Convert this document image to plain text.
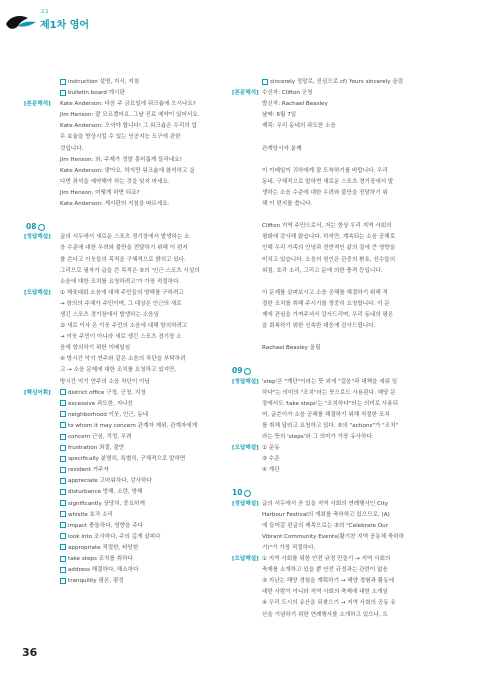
고1
제1차 영어
instruction 설명, 지시, 지침
bulletin board 게시판
[본문해석] Kate Anderson: 다음 주 금요일에 워크숍에 오시나요?
Jim Henson: 잘 모르겠어요. 그날 진료 예약이 있어서요.
Kate Anderson: 오셔야 합니다! 그 워크숍은 우리의 업
무 효율을 향상시킬 수 있는 인공지능 도구에 관한
것입니다.
Jim Henson: 와, 주제가 정말 흥미롭게 들리네요!
Kate Anderson: 맞아요. 하지만 워크숍에 참석하고 싶
다면 좌석을 예약해야 하는 것을 잊지 마세요.
Jim Henson: 어떻게 하면 되죠?
Kate Anderson: 게시판의 지침을 따르세요.
08
[정답해설] 글의 서두에서 새로운 스포츠 경기장에서 발생하는 소
음 수준에 대한 우려와 불만을 전달하기 위해 이 편지
를 쓴다고 이웃들의 목적을 구체적으로 밝히고 있다.
그리므로 필자가 글을 쓴 목적은 ⑤의 '인근 스포츠 시설의
소음에 대한 조치를 요청하려고'가 가장 적절하다.
[오답해설] ① 체육대회 소음에 대해 주민들의 양해를 구하려고
→ 항의의 주체가 주민이며, 그 대상은 인근의 새로
생긴 스포츠 경기장에서 발생하는 소음임
② 새로 이사 온 이웃 주민의 소음에 대해 항의하려고
→ 이웃 주민이 아니라 새로 생긴 스포츠 경기장 소
음에 항의하기 위한 이메일임
④ 방시간 악기 연주와 같은 소음의 차단을 부탁하려
고 → 소음 문제에 대한 조치를 요청하고 있지만,
방시간 악기 연주의 소음 차단이 아님
[핵심어휘]	district office 구청, 군청, 지청
excessive 과도한, 지나친
neighborhood 이웃, 인근, 동네
to whom it may concern 관계자 제위, 관계자에게
concern 근심, 걱정, 우려
frustration 좌절, 불만
specifically 분명히, 특별히, 구체적으로 말하면
resident 거주자
appreciate 고마워하다, 감사하다
disturbance 방해, 소란, 방해
significantly 상당히, 중요하게
whistle 호각 소리
impact 충돌하다, 영향을 주다
look into 조사하다, 주의 깊게 살피다
appropriate 적절한, 타당한
take steps 조치를 취하다
address 해결하다, 해소하다
tranquility 평온, 평정
sincerely 정말로, 진심으로 cf) Yours sincerely 올림
[본문해석] 수신자: Clifton 군청
발신자: Rachael Beasley
날짜: 6월 7일
제목: 우리 동네의 과도한 소음
관계당사자 분께
이 이메일이 귀하에게 잘 도착하기를 바랍니다. 우리
동네, 구체적으로 말하면 새로운 스포츠 경기장에서 발
생하는 소음 수준에 대한 우려와 불만을 전달하기 위
해 이 편지를 씁니다.
Clifton 지역 주민으로서, 저는 항상 우리 지역 사회의
평화에 감사해 왔습니다. 하지만, 계속되는 소음 공해로
인해 우리 가족의 안녕과 전반적인 삶의 질에 큰 영향을
미치고 있습니다. 소음의 원인은 관중의 환호, 선수들의
외침, 호각 소리, 그리고 문에 의한 충격 등입니다.
이 문제를 살펴보시고 소음 공해를 해결하기 위해 적
절한 조치를 취해 주시기를 정중히 요청합니다. 이 문
제에 관심을 가져주셔서 감사드리며, 우리 동네의 평온
을 회복하기 위한 신속한 대응에 감사드립니다.
Rachael Beasley 올림
09
[정답해설] 'step'은 "계단"이라는 뜻 외에 "걸음"과 대책을 세워 일
하다"는 의미의 "조치"라는 뜻으로도 사용된다. 해당 문
장에서도 'take steps'는 "조치하다"라는 의미로 사용되
어, 글쓴이가 소음 공해를 해결하기 위해 적절한 조치
를 취해 달라고 요청하고 있다. ⑤의 "actions"가 "조치"
라는 뜻의 'steps'와 그 의미가 가장 유사하다.
[오답해설] ① 운동
③ 수준
④ 계단
10
[정답해설] 글의 서두에서 곧 있을 지역 사회의 연례행사인 City
Harbour Festival의 개최를 축하하고 있으므로, (A)
에 들어갈 왼글의 제목으로는 ⑤의 "Celebrate Our
Vibrant Community Events(활기찬 지역 공동체 축하하
기)"가 가장 적절하다.
[오답해설] ① 지역 사회를 위한 안전 규정 만들기 → 지역 사회의
축제를 소개하고 있을 뿐 안전 규정과는 관련이 없음
③ 지난는 해양 경험을 계획하기 → 해양 경험과 활동에
대한 사람이 아니라 지역 사회의 축제에 대한 소개임
④ 우리 도시의 유산을 되찾으기 → 지역 사회의 공동 유
산을 기념하기 위한 연례행사를 소개하고 있으나, 도
36
